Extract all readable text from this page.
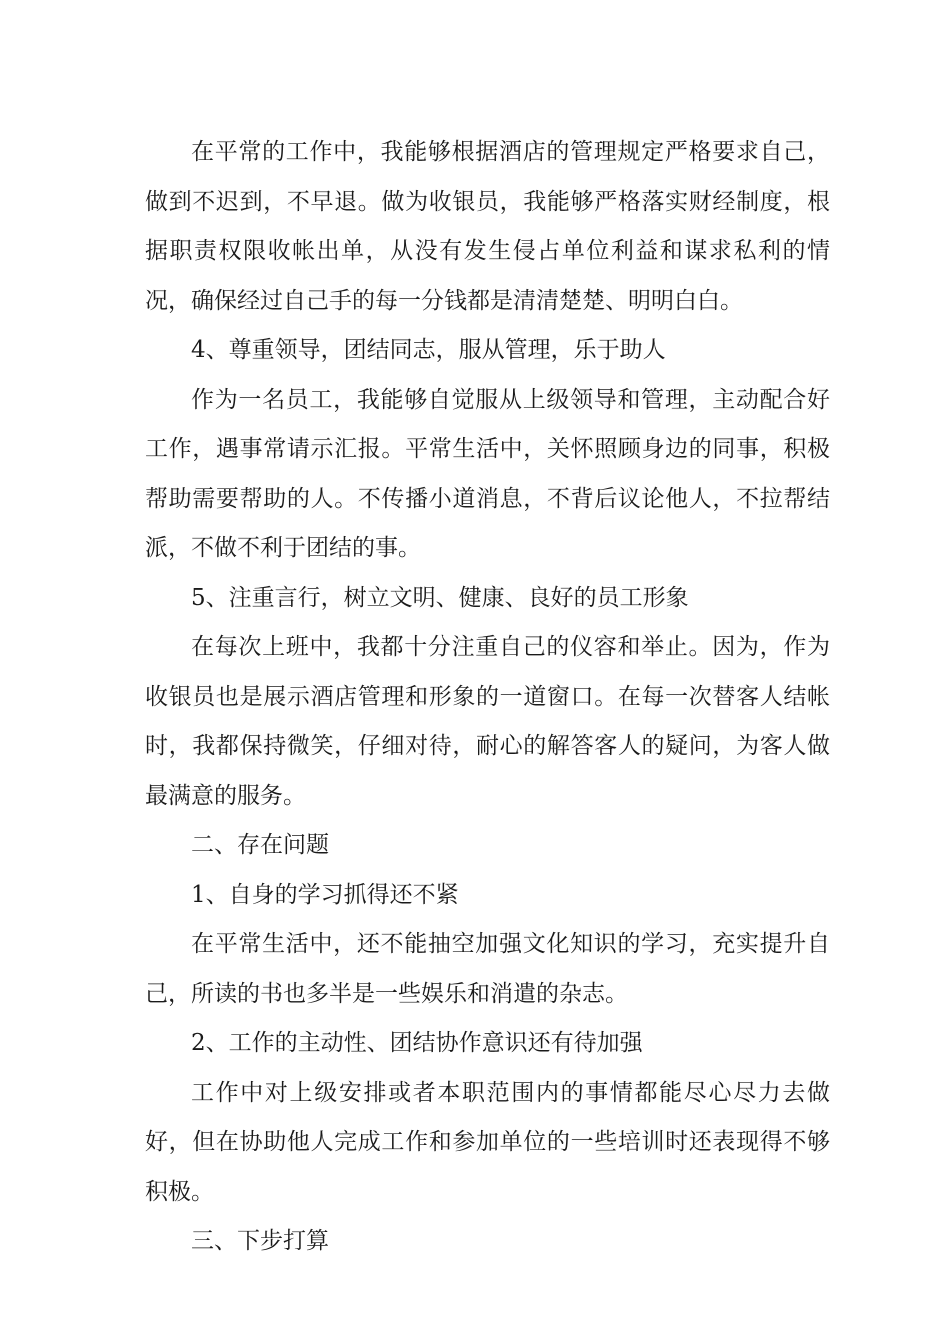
在平常的工作中，我能够根据酒店的管理规定严格要求自己，做到不迟到，不早退。做为收银员，我能够严格落实财经制度，根据职责权限收帐出单，从没有发生侵占单位利益和谋求私利的情况，确保经过自己手的每一分钱都是清清楚楚、明明白白。

4、尊重领导，团结同志，服从管理，乐于助人

作为一名员工，我能够自觉服从上级领导和管理，主动配合好工作，遇事常请示汇报。平常生活中，关怀照顾身边的同事，积极帮助需要帮助的人。不传播小道消息，不背后议论他人，不拉帮结派，不做不利于团结的事。

5、注重言行，树立文明、健康、良好的员工形象

在每次上班中，我都十分注重自己的仪容和举止。因为，作为收银员也是展示酒店管理和形象的一道窗口。在每一次替客人结帐时，我都保持微笑，仔细对待，耐心的解答客人的疑问，为客人做最满意的服务。

二、存在问题

1、自身的学习抓得还不紧

在平常生活中，还不能抽空加强文化知识的学习，充实提升自己，所读的书也多半是一些娱乐和消遣的杂志。

2、工作的主动性、团结协作意识还有待加强

工作中对上级安排或者本职范围内的事情都能尽心尽力去做好，但在协助他人完成工作和参加单位的一些培训时还表现得不够积极。

三、下步打算
